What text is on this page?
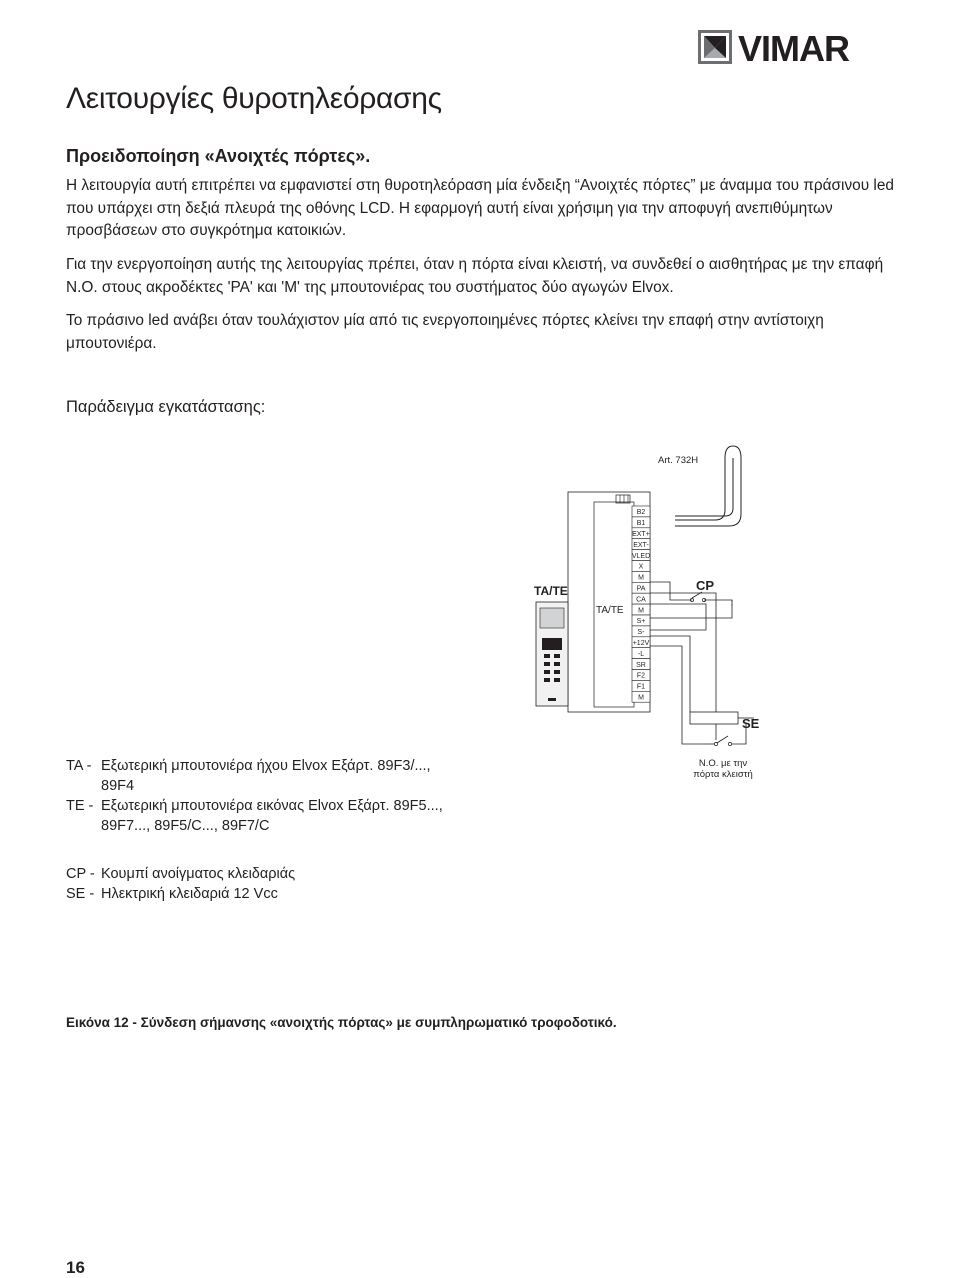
VIMAR
Λειτουργίες θυροτηλεόρασης
Προειδοποίηση «Ανοιχτές πόρτες».

Η λειτουργία αυτή επιτρέπει να εμφανιστεί στη θυροτηλεόραση μία ένδειξη “Ανοιχτές πόρτες” με άναμμα του πράσινου led που υπάρχει στη δεξιά πλευρά της οθόνης LCD. Η εφαρμογή αυτή είναι χρήσιμη για την αποφυγή ανεπιθύμητων προσβάσεων στο συγκρότημα κατοικιών.

Για την ενεργοποίηση αυτής της λειτουργίας πρέπει, όταν η πόρτα είναι κλειστή, να συνδεθεί ο αισθητήρας με την επαφή Ν.Ο. στους ακροδέκτες 'PA' και 'M' της μπουτονιέρας του συστήματος δύο αγωγών Elvox.

Το πράσινο led ανάβει όταν τουλάχιστον μία από τις ενεργοποιημένες πόρτες κλείνει την επαφή στην αντίστοιχη μπουτονιέρα.

Παράδειγμα εγκατάστασης:
Art. 732H
TA/TE
B2
B1
EXT+
EXT-
VLED
X
M
PA
CA
M
S+
S-
+12V
-L
SR
F2
F1
M
TA/TE	CP
SE
N.O. με την
πόρτα κλειστή
TA - Εξωτερική μπουτονιέρα ήχου Elvox Εξάρτ. 89F3/..., 89F4
TE - Εξωτερική μπουτονιέρα εικόνας Elvox Εξάρτ. 89F5..., 89F7..., 89F5/C..., 89F7/C
CP - Κουμπί ανοίγματος κλειδαριάς
SE - Ηλεκτρική κλειδαριά 12 Vcc
Εικόνα 12 - Σύνδεση σήμανσης «ανοιχτής πόρτας» με συμπληρωματικό τροφοδοτικό.
16
